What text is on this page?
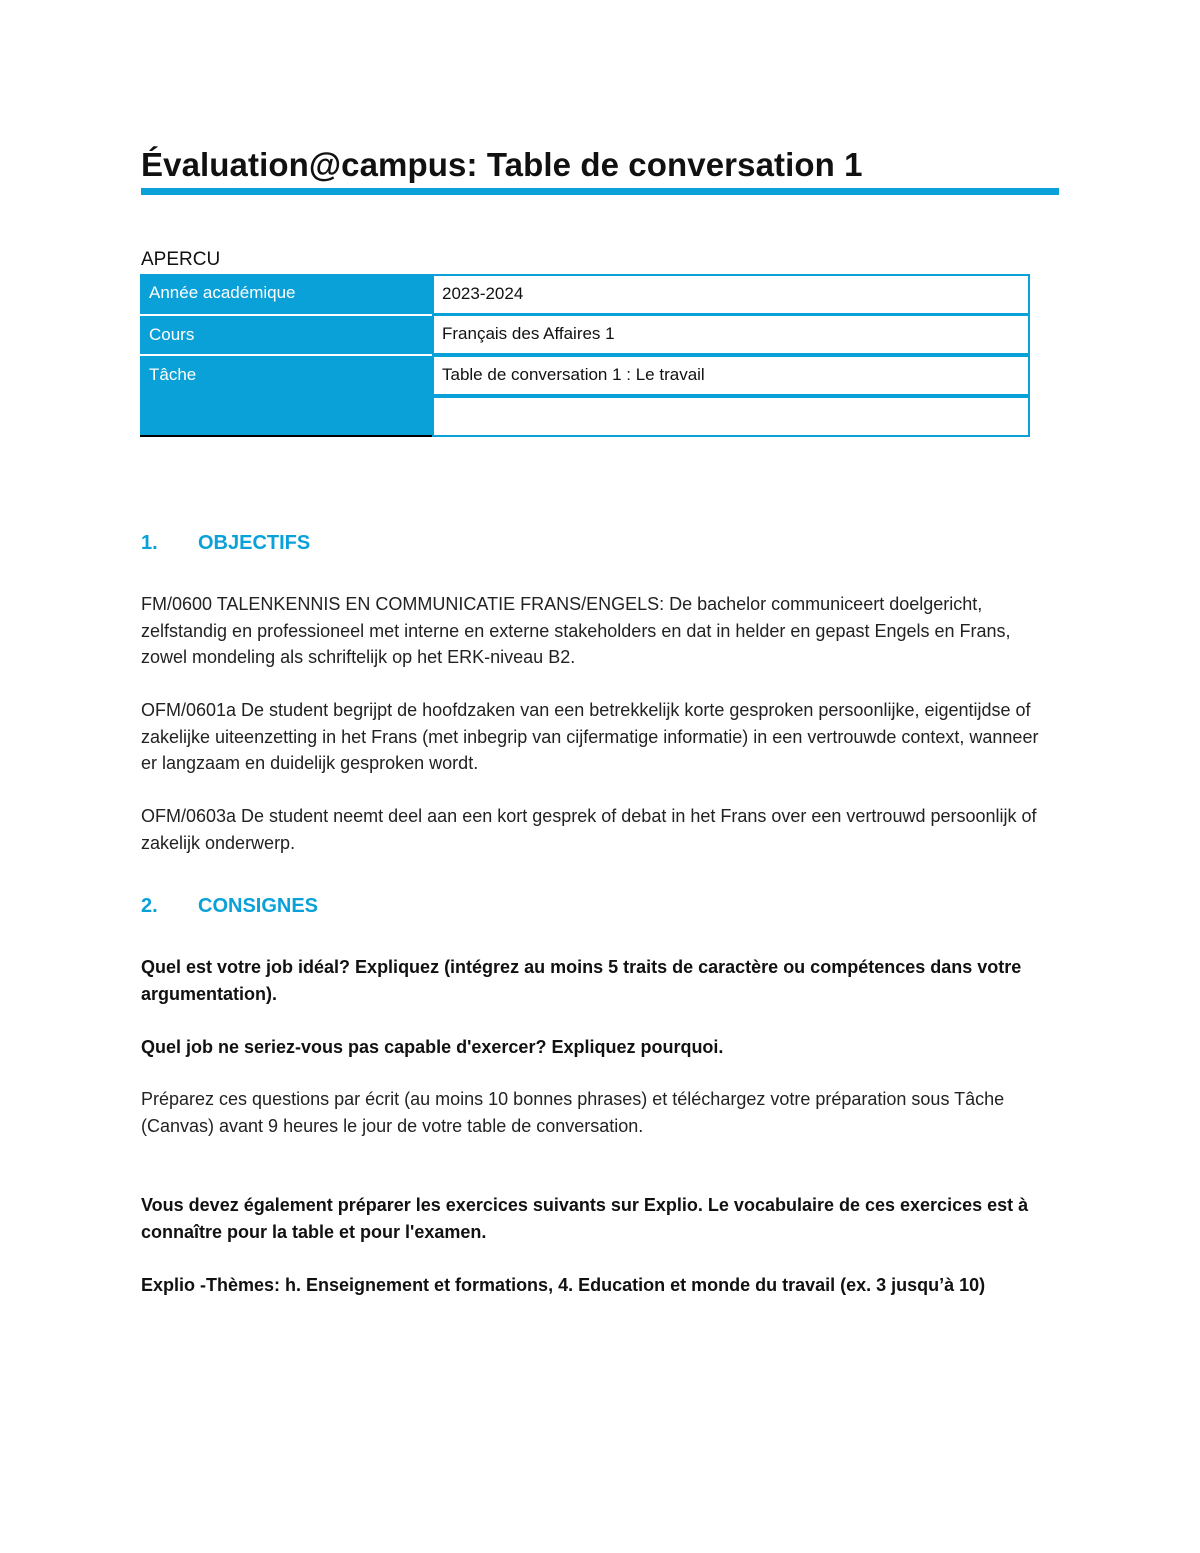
Évaluation@campus: Table de conversation 1
APERCU
Année académique
Cours
Tâche
2023-2024
Français des Affaires 1
Table de conversation 1 : Le travail
1. OBJECTIFS
FM/0600 TALENKENNIS EN COMMUNICATIE FRANS/ENGELS: De bachelor communiceert doelgericht, zelfstandig en professioneel met interne en externe stakeholders en dat in helder en gepast Engels en Frans, zowel mondeling als schriftelijk op het ERK-niveau B2.
OFM/0601a De student begrijpt de hoofdzaken van een betrekkelijk korte gesproken persoonlijke, eigentijdse of zakelijke uiteenzetting in het Frans (met inbegrip van cijfermatige informatie) in een vertrouwde context, wanneer er langzaam en duidelijk gesproken wordt.
OFM/0603a De student neemt deel aan een kort gesprek of debat in het Frans over een vertrouwd persoonlijk of zakelijk onderwerp.
2. CONSIGNES
Quel est votre job idéal? Expliquez (intégrez au moins 5 traits de caractère ou compétences dans votre argumentation).
Quel job ne seriez-vous pas capable d'exercer? Expliquez pourquoi.
Préparez ces questions par écrit (au moins 10 bonnes phrases) et téléchargez votre préparation sous Tâche (Canvas) avant 9 heures le jour de votre table de conversation.
Vous devez également préparer les exercices suivants sur Explio. Le vocabulaire de ces exercices est à connaître pour la table et pour l'examen.
Explio -Thèmes: h. Enseignement et formations, 4. Education et monde du travail (ex. 3 jusqu’à 10)
